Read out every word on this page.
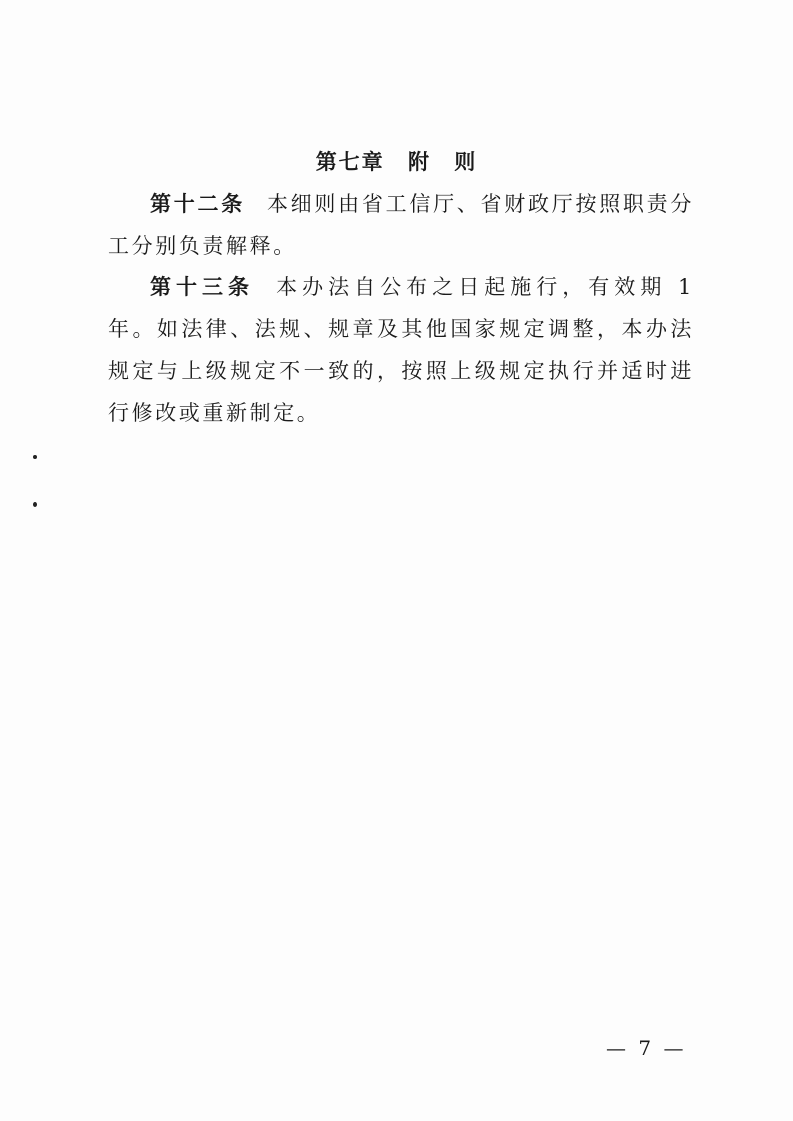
第七章 附 则

第十二条 本细则由省工信厅、省财政厅按照职责分工分别负责解释。

第十三条 本办法自公布之日起施行，有效期 1 年。如法律、法规、规章及其他国家规定调整，本办法规定与上级规定不一致的，按照上级规定执行并适时进行修改或重新制定。

— 7 —
